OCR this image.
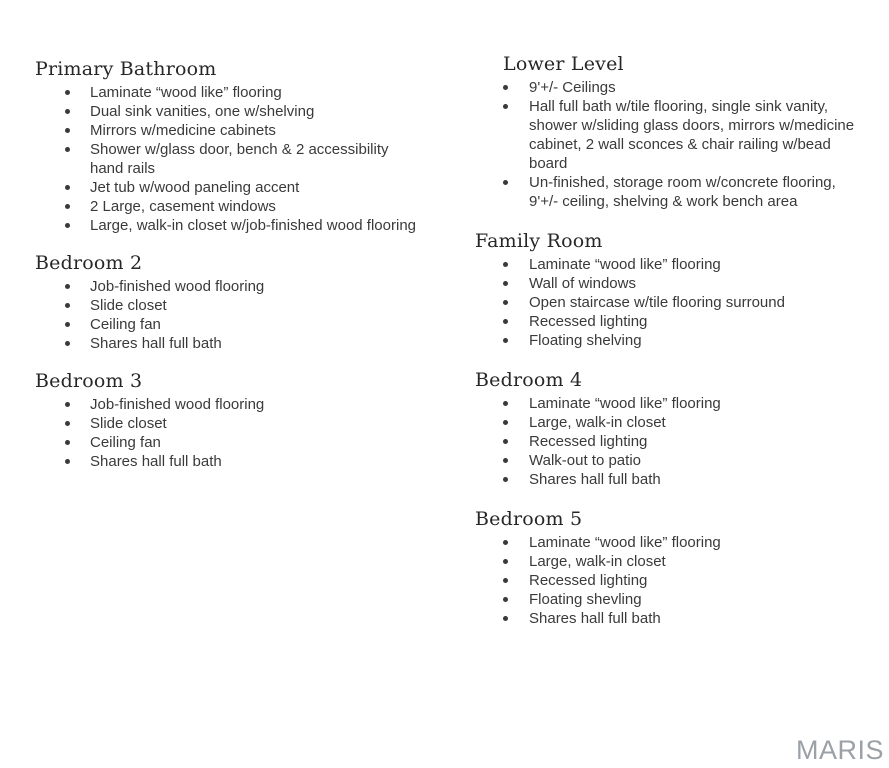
Primary Bathroom
Laminate “wood like” flooring
Dual sink vanities, one w/shelving
Mirrors w/medicine cabinets
Shower w/glass door, bench & 2 accessibility hand rails
Jet tub w/wood paneling accent
2 Large, casement windows
Large, walk-in closet w/job-finished wood flooring
Bedroom 2
Job-finished wood flooring
Slide closet
Ceiling fan
Shares hall full bath
Bedroom 3
Job-finished wood flooring
Slide closet
Ceiling fan
Shares hall full bath
Lower Level
9'+/- Ceilings
Hall full bath w/tile flooring, single sink vanity, shower w/sliding glass doors, mirrors w/medicine cabinet, 2 wall sconces & chair railing w/bead board
Un-finished, storage room w/concrete flooring, 9'+/- ceiling, shelving & work bench area
Family Room
Laminate “wood like” flooring
Wall of windows
Open staircase w/tile flooring surround
Recessed lighting
Floating shelving
Bedroom 4
Laminate “wood like” flooring
Large, walk-in closet
Recessed lighting
Walk-out to patio
Shares hall full bath
Bedroom 5
Laminate “wood like” flooring
Large, walk-in closet
Recessed lighting
Floating shevling
Shares hall full bath
MARIS
